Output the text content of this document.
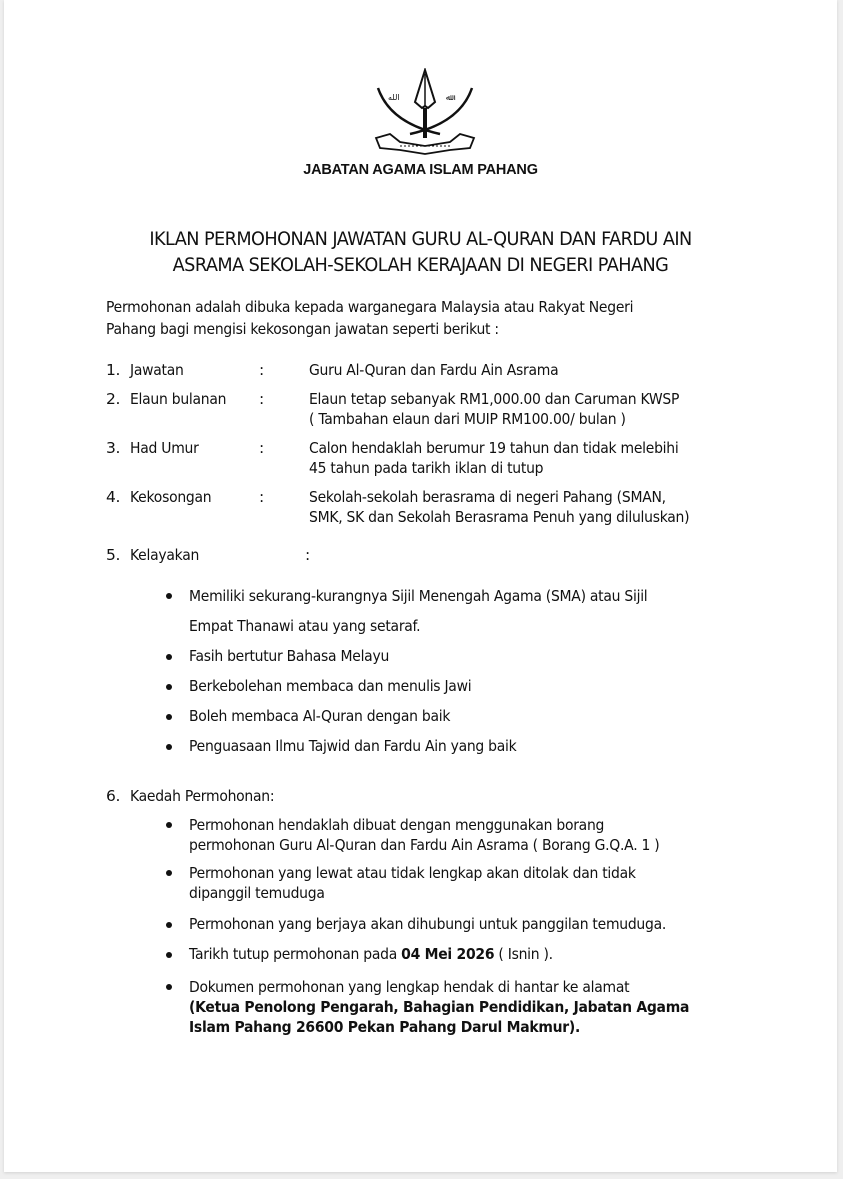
ﺍﻟﻠﻪ	ﷲ
JABATAN AGAMA ISLAM PAHANG
IKLAN PERMOHONAN JAWATAN GURU AL-QURAN DAN FARDU AIN
ASRAMA SEKOLAH-SEKOLAH KERAJAAN DI NEGERI PAHANG
Permohonan adalah dibuka kepada warganegara Malaysia atau Rakyat Negeri
Pahang bagi mengisi kekosongan jawatan seperti berikut :
1. Jawatan	:	Guru Al-Quran dan Fardu Ain Asrama
2. Elaun bulanan :	Elaun tetap sebanyak RM1,000.00 dan Caruman KWSP
( Tambahan elaun dari MUIP RM100.00/ bulan )
3. Had Umur	:	Calon hendaklah berumur 19 tahun dan tidak melebihi
45 tahun pada tarikh iklan di tutup
4. Kekosongan	:	Sekolah-sekolah berasrama di negeri Pahang (SMAN,
SMK, SK dan Sekolah Berasrama Penuh yang diluluskan)
5. Kelayakan	:
Memiliki sekurang-kurangnya Sijil Menengah Agama (SMA) atau Sijil
Empat Thanawi atau yang setaraf.
Fasih bertutur Bahasa Melayu
Berkebolehan membaca dan menulis Jawi
Boleh membaca Al-Quran dengan baik
Penguasaan Ilmu Tajwid dan Fardu Ain yang baik
6. Kaedah Permohonan:
Permohonan hendaklah dibuat dengan menggunakan borang
permohonan Guru Al-Quran dan Fardu Ain Asrama ( Borang G.Q.A. 1 )
Permohonan yang lewat atau tidak lengkap akan ditolak dan tidak
dipanggil temuduga
Permohonan yang berjaya akan dihubungi untuk panggilan temuduga.
Tarikh tutup permohonan pada 04 Mei 2026 ( Isnin ).
Dokumen permohonan yang lengkap hendak di hantar ke alamat
(Ketua Penolong Pengarah, Bahagian Pendidikan, Jabatan Agama
Islam Pahang 26600 Pekan Pahang Darul Makmur).
